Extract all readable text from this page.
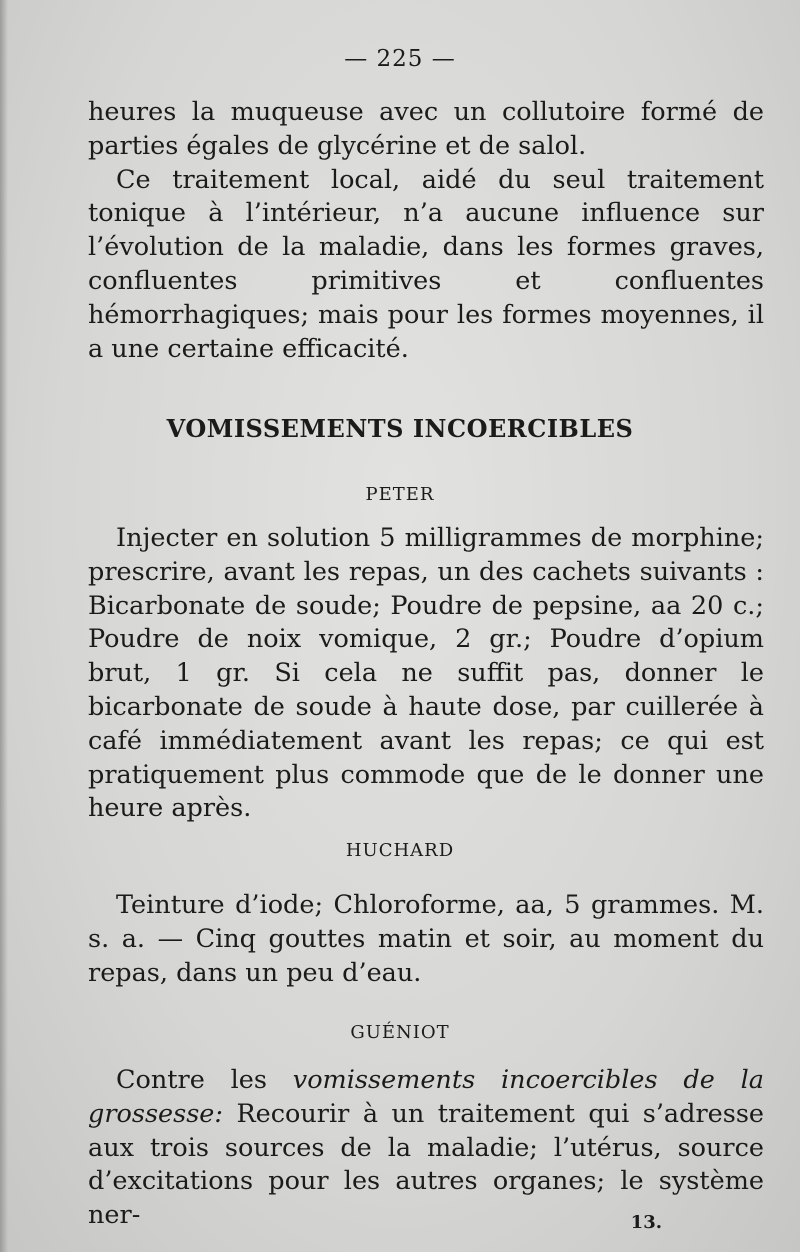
— 225 —

heures la muqueuse avec un collutoire formé de parties égales de glycérine et de salol.

Ce traitement local, aidé du seul traitement tonique à l’intérieur, n’a aucune influence sur l’évolution de la maladie, dans les formes graves, confluentes primitives et confluentes hémorrhagiques; mais pour les formes moyennes, il a une certaine efficacité.

VOMISSEMENTS INCOERCIBLES
PETER

Injecter en solution 5 milligrammes de morphine; prescrire, avant les repas, un des cachets suivants : Bicarbonate de soude; Poudre de pepsine, aa 20 c.; Poudre de noix vomique, 2 gr.; Poudre d’opium brut, 1 gr. Si cela ne suffit pas, donner le bicarbonate de soude à haute dose, par cuillerée à café immédiatement avant les repas; ce qui est pratiquement plus commode que de le donner une heure après.

HUCHARD

Teinture d’iode; Chloroforme, aa, 5 grammes. M. s. a. — Cinq gouttes matin et soir, au moment du repas, dans un peu d’eau.

GUÉNIOT

Contre les vomissements incoercibles de la grossesse: Recourir à un traitement qui s’adresse aux trois sources de la maladie; l’utérus, source d’excitations pour les autres organes; le système ner-	13.
